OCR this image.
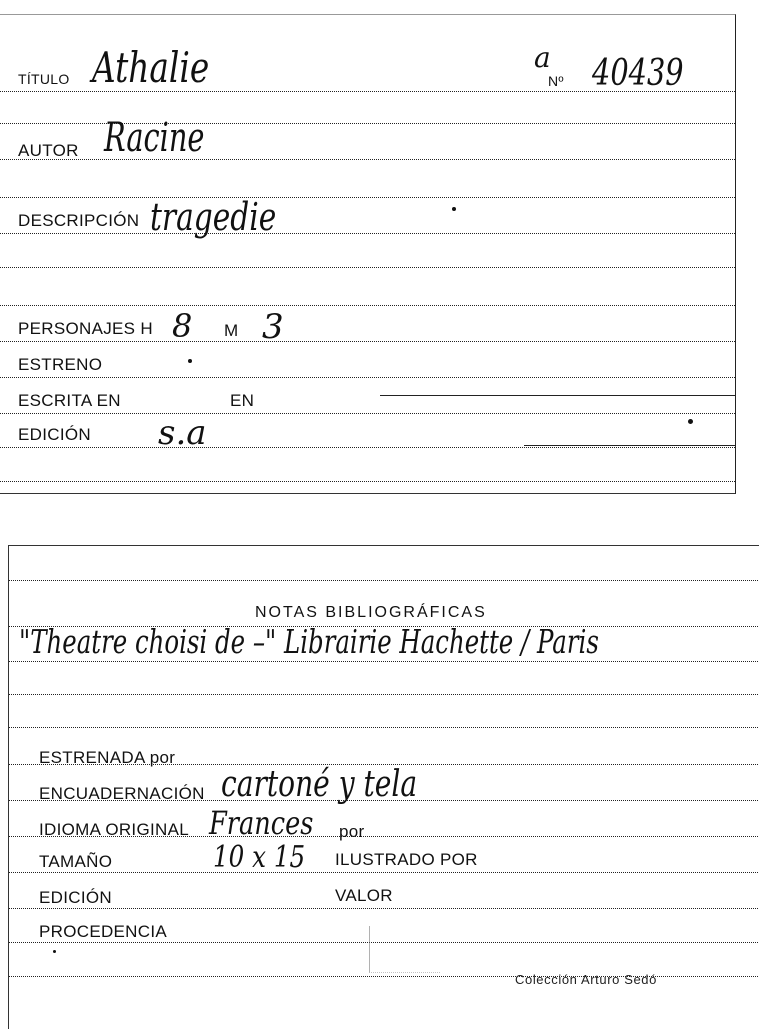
TÍTULO Athalie	a
Nº 40439
AUTOR Racine
DESCRIPCIÓN tragedie
PERSONAJES H 8 M 3
ESTRENO
ESCRITA EN	EN
EDICIÓN s.a
NOTAS BIBLIOGRÁFICAS
"Theatre choisi de –" Librairie Hachette / Paris
ESTRENADA por
ENCUADERNACIÓN cartoné y tela
IDIOMA ORIGINAL Frances por
TAMAÑO	10 x 15 ILUSTRADO POR
EDICIÓN	VALOR
PROCEDENCIA
Colección Arturo Sedó
